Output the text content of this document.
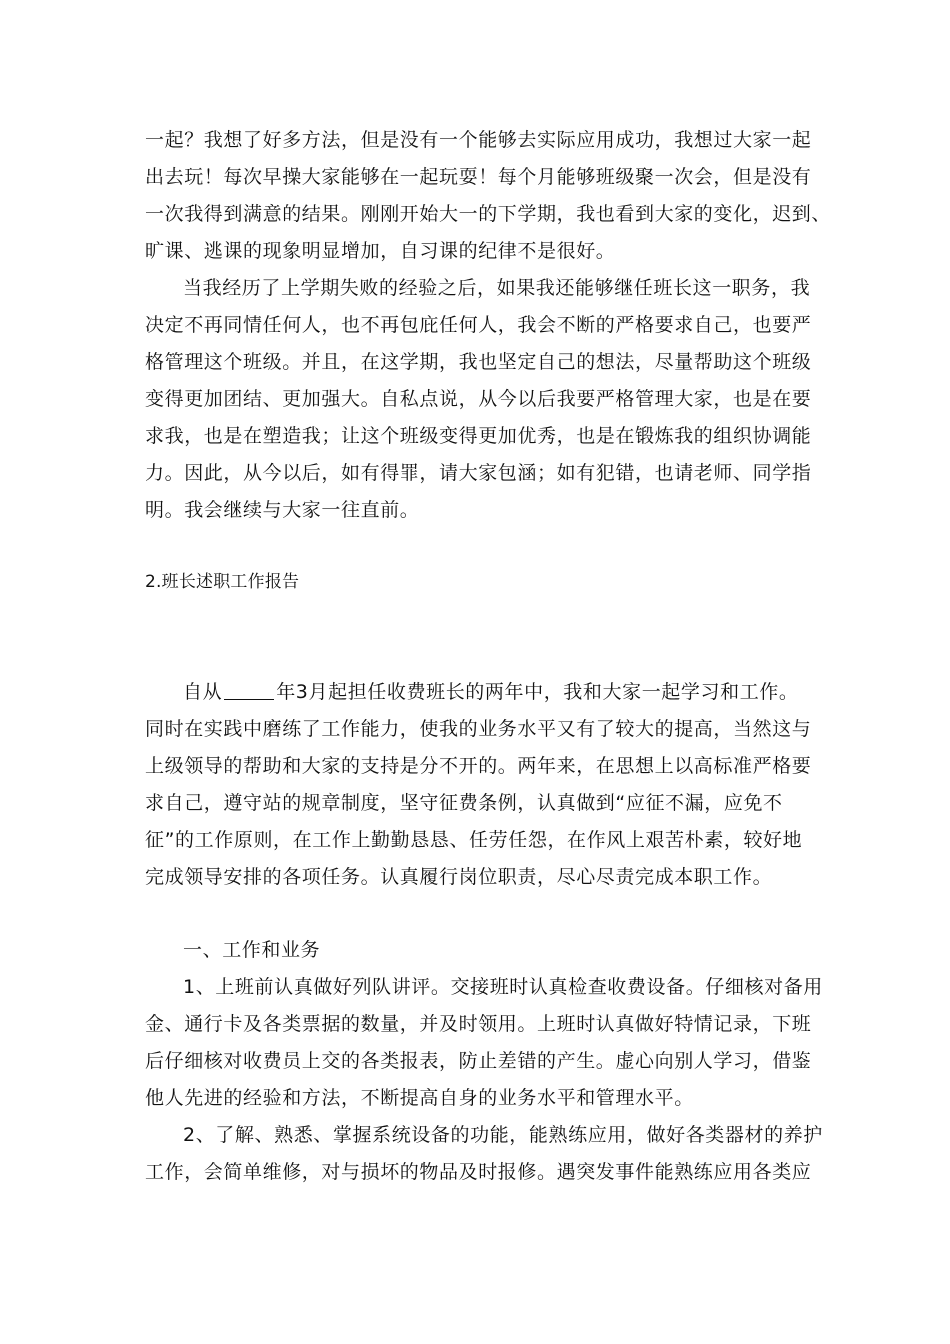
一起？我想了好多方法，但是没有一个能够去实际应用成功，我想过大家一起
出去玩！每次早操大家能够在一起玩耍！每个月能够班级聚一次会，但是没有
一次我得到满意的结果。刚刚开始大一的下学期，我也看到大家的变化，迟到、
旷课、逃课的现象明显增加，自习课的纪律不是很好。
当我经历了上学期失败的经验之后，如果我还能够继任班长这一职务，我
决定不再同情任何人，也不再包庇任何人，我会不断的严格要求自己，也要严
格管理这个班级。并且，在这学期，我也坚定自己的想法，尽量帮助这个班级
变得更加团结、更加强大。自私点说，从今以后我要严格管理大家，也是在要
求我，也是在塑造我；让这个班级变得更加优秀，也是在锻炼我的组织协调能
力。因此，从今以后，如有得罪，请大家包涵；如有犯错，也请老师、同学指
明。我会继续与大家一往直前。
2.班长述职工作报告
自从	年3月起担任收费班长的两年中，我和大家一起学习和工作。
同时在实践中磨练了工作能力，使我的业务水平又有了较大的提高，当然这与
上级领导的帮助和大家的支持是分不开的。两年来，在思想上以高标准严格要
求自己，遵守站的规章制度，坚守征费条例，认真做到“应征不漏，应免不
征”的工作原则，在工作上勤勤恳恳、任劳任怨，在作风上艰苦朴素，较好地
完成领导安排的各项任务。认真履行岗位职责，尽心尽责完成本职工作。
一、工作和业务
1、上班前认真做好列队讲评。交接班时认真检查收费设备。仔细核对备用
金、通行卡及各类票据的数量，并及时领用。上班时认真做好特情记录，下班
后仔细核对收费员上交的各类报表，防止差错的产生。虚心向别人学习，借鉴
他人先进的经验和方法，不断提高自身的业务水平和管理水平。
2、了解、熟悉、掌握系统设备的功能，能熟练应用，做好各类器材的养护
工作，会简单维修，对与损坏的物品及时报修。遇突发事件能熟练应用各类应
